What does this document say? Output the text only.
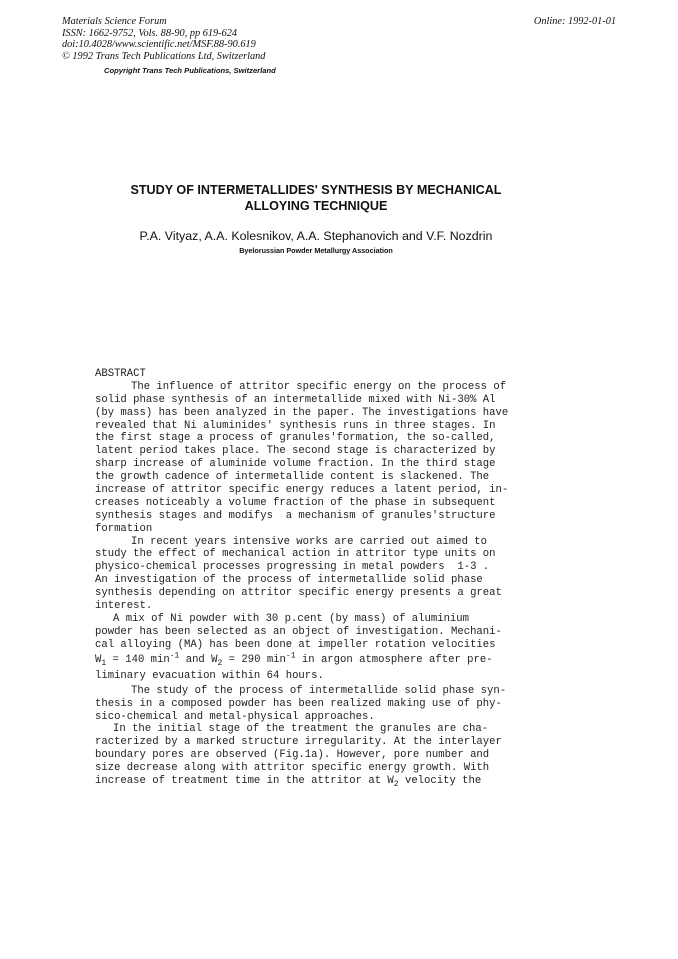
Materials Science Forum
ISSN: 1662-9752, Vols. 88-90, pp 619-624
doi:10.4028/www.scientific.net/MSF.88-90.619
© 1992 Trans Tech Publications Ltd, Switzerland
Copyright Trans Tech Publications, Switzerland
Online: 1992-01-01
STUDY OF INTERMETALLIDES' SYNTHESIS BY MECHANICAL
ALLOYING TECHNIQUE
P.A. Vityaz, A.A. Kolesnikov, A.A. Stephanovich and V.F. Nozdrin
Byelorussian Powder Metallurgy Association
ABSTRACT
The influence of attritor specific energy on the process of
solid phase synthesis of an intermetallide mixed with Ni-30% Al
(by mass) has been analyzed in the paper. The investigations have
revealed that Ni aluminides' synthesis runs in three stages. In
the first stage a process of granules'formation, the so-called,
latent period takes place. The second stage is characterized by
sharp increase of aluminide volume fraction. In the third stage
the growth cadence of intermetallide content is slackened. The
increase of attritor specific energy reduces a latent period, in-
creases noticeably a volume fraction of the phase in subsequent
synthesis stages and modifys  a mechanism of granules'structure
formation
In recent years intensive works are carried out aimed to
study the effect of mechanical action in attritor type units on
physico-chemical processes progressing in metal powders  1-3 .
An investigation of the process of intermetallide solid phase
synthesis depending on attritor specific energy presents a great
interest.
A mix of Ni powder with 30 p.cent (by mass) of aluminium
powder has been selected as an object of investigation. Mechani-
cal alloying (MA) has been done at impeller rotation velocities
$W_1 = 140$ $\min^{-1}$ and $W_2 = 290$ $\min^{-1}$ in argon atmosphere after pre-
liminary evacuation within 64 hours.
The study of the process of intermetallide solid phase syn-
thesis in a composed powder has been realized making use of phy-
sico-chemical and metal-physical approaches.
In the initial stage of the treatment the granules are cha-
racterized by a marked structure irregularity. At the interlayer
boundary pores are observed (Fig.1a). However, pore number and
size decrease along with attritor specific energy growth. With
increase of treatment time in the attritor at $W_2$ velocity the
